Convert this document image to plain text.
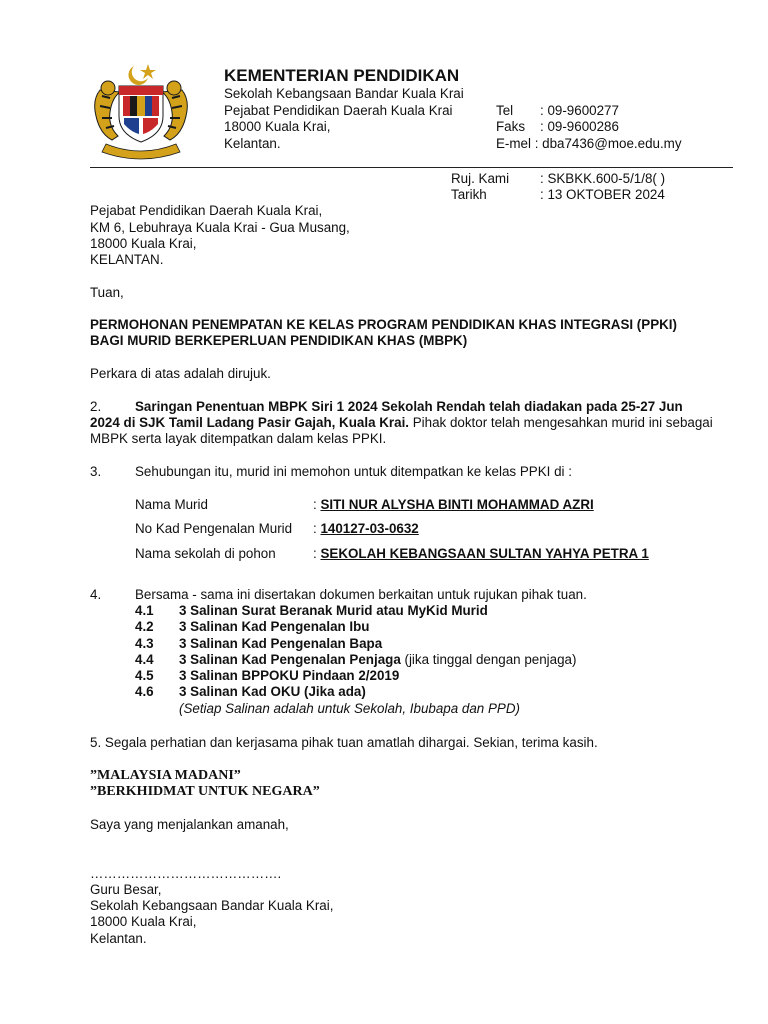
KEMENTERIAN PENDIDIKAN
Sekolah Kebangsaan Bandar Kuala Krai
Pejabat Pendidikan Daerah Kuala Krai
18000 Kuala Krai,
Kelantan.
Tel : 09-9600277
Faks : 09-9600286
E-mel : dba7436@moe.edu.my
Ruj. Kami : SKBKK.600-5/1/8( )
Tarikh	: 13 OKTOBER 2024
Pejabat Pendidikan Daerah Kuala Krai,
KM 6, Lebuhraya Kuala Krai - Gua Musang,
18000 Kuala Krai,
KELANTAN.
Tuan,
PERMOHONAN PENEMPATAN KE KELAS PROGRAM PENDIDIKAN KHAS INTEGRASI (PPKI)
BAGI MURID BERKEPERLUAN PENDIDIKAN KHAS (MBPK)
Perkara di atas adalah dirujuk.
2.	Saringan Penentuan MBPK Siri 1 2024 Sekolah Rendah telah diadakan pada 25-27 Jun
2024 di SJK Tamil Ladang Pasir Gajah, Kuala Krai. Pihak doktor telah mengesahkan murid ini sebagai
MBPK serta layak ditempatkan dalam kelas PPKI.
3.	Sehubungan itu, murid ini memohon untuk ditempatkan ke kelas PPKI di :
Nama Murid	: SITI NUR ALYSHA BINTI MOHAMMAD AZRI
No Kad Pengenalan Murid : 140127-03-0632
Nama sekolah di pohon	: SEKOLAH KEBANGSAAN SULTAN YAHYA PETRA 1
4.	Bersama - sama ini disertakan dokumen berkaitan untuk rujukan pihak tuan.
4.1	3 Salinan Surat Beranak Murid atau MyKid Murid
4.2	3 Salinan Kad Pengenalan Ibu
4.3	3 Salinan Kad Pengenalan Bapa
4.4	3 Salinan Kad Pengenalan Penjaga (jika tinggal dengan penjaga)
4.5	3 Salinan BPPOKU Pindaan 2/2019
4.6	3 Salinan Kad OKU (Jika ada)
(Setiap Salinan adalah untuk Sekolah, Ibubapa dan PPD)
5. Segala perhatian dan kerjasama pihak tuan amatlah dihargai. Sekian, terima kasih.
”MALAYSIA MADANI”
”BERKHIDMAT UNTUK NEGARA”
Saya yang menjalankan amanah,
…………………………………….
Guru Besar,
Sekolah Kebangsaan Bandar Kuala Krai,
18000 Kuala Krai,
Kelantan.
